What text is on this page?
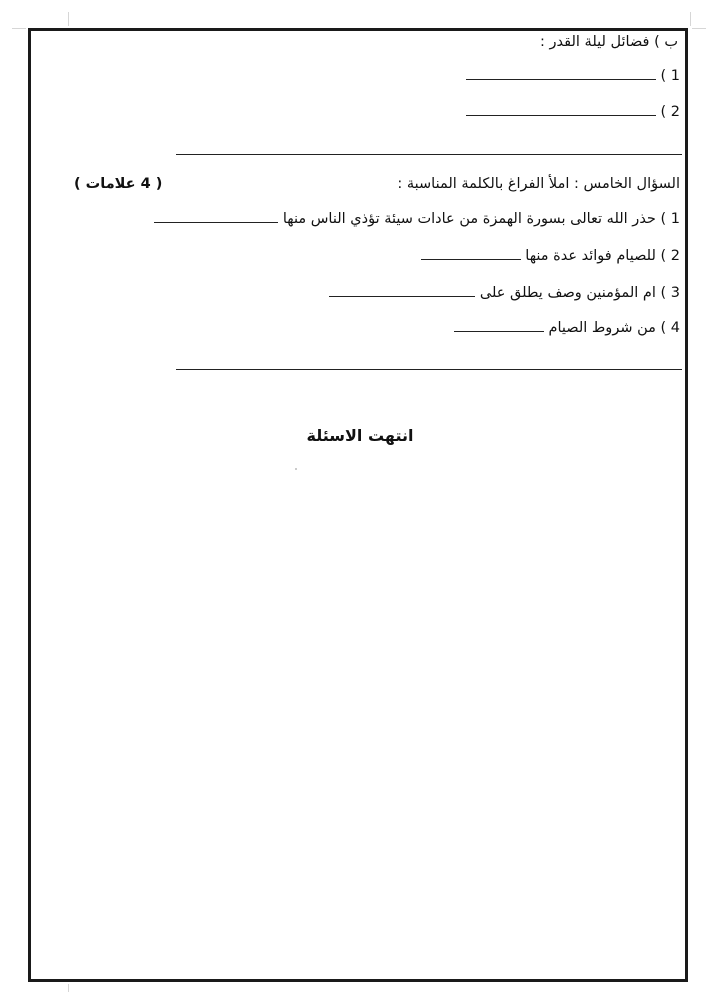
ب ) فضائل ليلة القدر :
1 )
2 )
السؤال الخامس : املأ الفراغ بالكلمة المناسبة :
( 4 علامات )
1 ) حذر الله تعالى بسورة الهمزة من عادات سيئة تؤذي الناس منها
2 ) للصيام فوائد عدة منها
3 ) ام المؤمنين وصف يطلق على
4 ) من شروط الصيام
انتهت الاسئلة
